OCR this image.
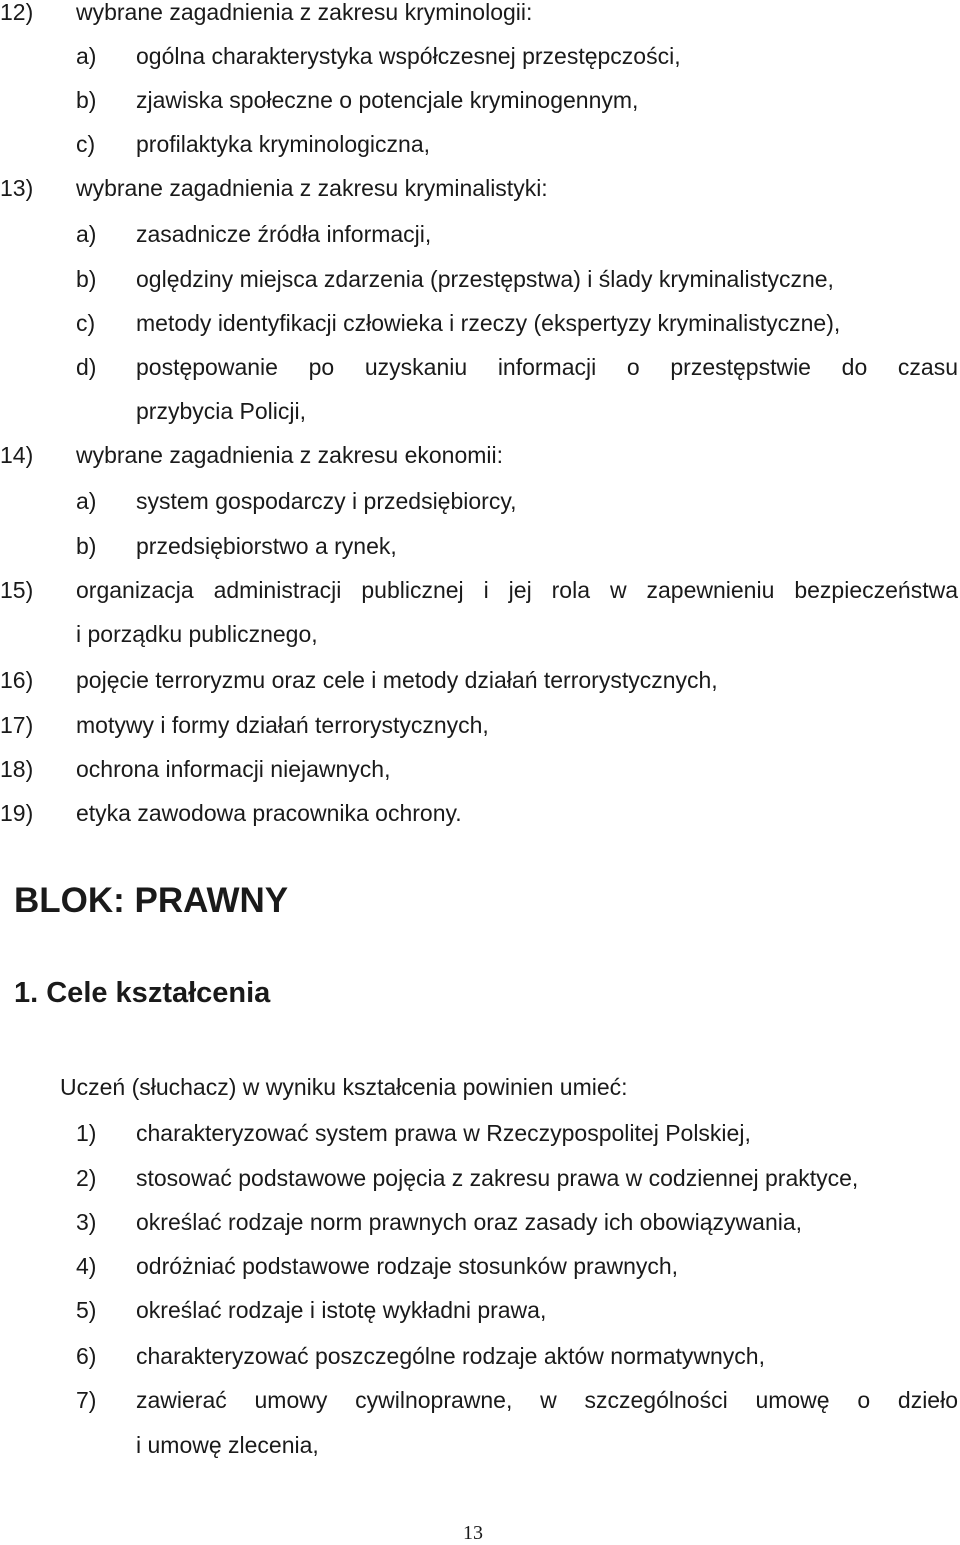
12) wybrane zagadnienia z zakresu kryminologii:
a) ogólna charakterystyka współczesnej przestępczości,
b) zjawiska społeczne o potencjale kryminogennym,
c) profilaktyka kryminologiczna,
13) wybrane zagadnienia z zakresu kryminalistyki:
a) zasadnicze źródła informacji,
b) oględziny miejsca zdarzenia (przestępstwa) i ślady kryminalistyczne,
c) metody identyfikacji człowieka i rzeczy (ekspertyzy kryminalistyczne),
d) postępowanie po uzyskaniu informacji o przestępstwie do czasu
przybycia Policji,
14) wybrane zagadnienia z zakresu ekonomii:
a) system gospodarczy i przedsiębiorcy,
b) przedsiębiorstwo a rynek,
15) organizacja administracji publicznej i jej rola w zapewnieniu bezpieczeństwa
i porządku publicznego,
16) pojęcie terroryzmu oraz cele i metody działań terrorystycznych,
17) motywy i formy działań terrorystycznych,
18) ochrona informacji niejawnych,
19) etyka zawodowa pracownika ochrony.
BLOK: PRAWNY
1. Cele kształcenia
Uczeń (słuchacz) w wyniku kształcenia powinien umieć:
1) charakteryzować system prawa w Rzeczypospolitej Polskiej,
2) stosować podstawowe pojęcia z zakresu prawa w codziennej praktyce,
3) określać rodzaje norm prawnych oraz zasady ich obowiązywania,
4) odróżniać podstawowe rodzaje stosunków prawnych,
5) określać rodzaje i istotę wykładni prawa,
6) charakteryzować poszczególne rodzaje aktów normatywnych,
7) zawierać umowy cywilnoprawne, w szczególności umowę o dzieło
i umowę zlecenia,
13
